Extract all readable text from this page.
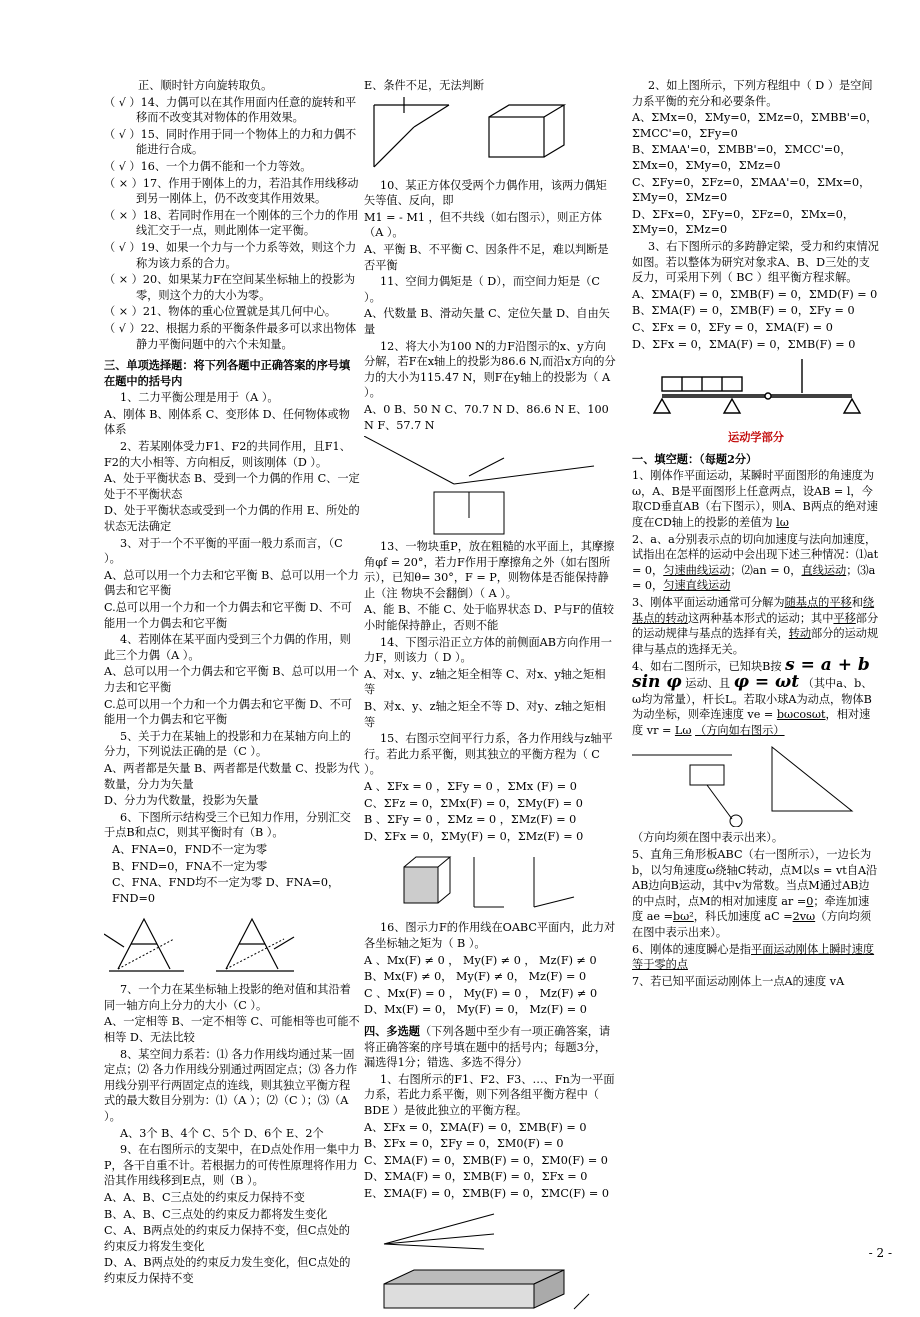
正、顺时针方向旋转取负。
（ √ ）14、力偶可以在其作用面内任意的旋转和平移而不改变其对物体的作用效果。
（ √ ）15、同时作用于同一个物体上的力和力偶不能进行合成。
（ √ ）16、一个力偶不能和一个力等效。
（ × ）17、作用于刚体上的力，若沿其作用线移动到另一刚体上，仍不改变其作用效果。
（ × ）18、若同时作用在一个刚体的三个力的作用线汇交于一点，则此刚体一定平衡。
（ √ ）19、如果一个力与一个力系等效，则这个力称为该力系的合力。
（ × ）20、如果某力F在空间某坐标轴上的投影为零，则这个力的大小为零。
（ × ）21、物体的重心位置就是其几何中心。
（ √ ）22、根据力系的平衡条件最多可以求出物体静力平衡问题中的六个未知量。
三、单项选择题：将下列各题中正确答案的序号填在题中的括号内
1、二力平衡公理是用于（A ）。
A、刚体 B、刚体系 C、变形体 D、任何物体或物体系
2、若某刚体受力F1、F2的共同作用，且F1、F2的大小相等、方向相反，则该刚体（D ）。
A、处于平衡状态 B、受到一个力偶的作用 C、一定处于不平衡状态
D、处于平衡状态或受到一个力偶的作用 E、所处的状态无法确定
3、对于一个不平衡的平面一般力系而言，（C ）。
A、总可以用一个力去和它平衡 B、总可以用一个力偶去和它平衡
C.总可以用一个力和一个力偶去和它平衡 D、不可能用一个力偶去和它平衡
4、若刚体在某平面内受到三个力偶的作用，则此三个力偶（A ）。
A、总可以用一个力偶去和它平衡 B、总可以用一个力去和它平衡
C.总可以用一个力和一个力偶去和它平衡 D、不可能用一个力偶去和它平衡
5、关于力在某轴上的投影和力在某轴方向上的分力，下列说法正确的是（C ）。
A、两者都是矢量 B、两者都是代数量 C、投影为代数量，分力为矢量
D、分力为代数量，投影为矢量
6、下图所示结构受三个已知力作用，分别汇交于点B和点C，则其平衡时有（B ）。
A、FNA=0，FND不一定为零
B、FND=0，FNA不一定为零
C、FNA、FND均不一定为零 D、FNA=0，FND=0
7、一个力在某坐标轴上投影的绝对值和其沿着同一轴方向上分力的大小（C ）。
A、一定相等 B、一定不相等 C、可能相等也可能不相等 D、无法比较
8、某空间力系若：⑴ 各力作用线均通过某一固定点；⑵ 各力作用线分别通过两固定点；⑶ 各力作用线分别平行两固定点的连线，则其独立平衡方程式的最大数目分别为：⑴（A ）；⑵（C ）；⑶（A ）。
A、3个 B、4个 C、5个 D、6个 E、2个
9、在右图所示的支架中，在D点处作用一集中力P，各干自重不计。若根据力的可传性原理将作用力沿其作用线移到E点，则（B ）。
A、A、B、C三点处的约束反力保持不变
B、A、B、C三点处的约束反力都将发生变化
C、A、B两点处的约束反力保持不变，但C点处的约束反力将发生变化
D、A、B两点处的约束反力发生变化，但C点处的约束反力保持不变
E、条件不足，无法判断
10、某正方体仅受两个力偶作用，该两力偶矩矢等值、反向，即
M1 = - M1 ，但不共线（如右图示），则正方体（A ）。
A、平衡 B、不平衡 C、因条件不足，难以判断是否平衡
11、空间力偶矩是（ D），而空间力矩是（C ）。
A、代数量 B、滑动矢量 C、定位矢量 D、自由矢量
12、将大小为100 N的力F沿图示的x、y方向分解，若F在x轴上的投影为86.6 N,而沿x方向的分力的大小为115.47 N，则F在y轴上的投影为（ A ）。
A、0 B、50 N C、70.7 N D、86.6 N E、100 N F、57.7 N
13、一物块重P，放在粗糙的水平面上，其摩擦角φf = 20°，若力F作用于摩擦角之外（如右图所示），已知θ= 30°，F = P，则物体是否能保持静止（注 物块不会翻倒）（ A ）。
A、能 B、不能 C、处于临界状态 D、P与F的值较小时能保持静止，否则不能
14、下图示沿正立方体的前侧面AB方向作用一力F，则该力（ D ）。
A、对x、y、z轴之矩全相等 C、对x、y轴之矩相等
B、对x、y、z轴之矩全不等 D、对y、z轴之矩相等
15、右图示空间平行力系，各力作用线与z轴平行。若此力系平衡，则其独立的平衡方程为（ C ）。
A 、ΣFx = 0 ，ΣFy = 0 ，ΣMx (F) = 0
C、ΣFz = 0，ΣMx(F) = 0，ΣMy(F) = 0
B 、ΣFy = 0 ，ΣMz = 0 ，ΣMz(F) = 0
D、ΣFx = 0，ΣMy(F) = 0，ΣMz(F) = 0
16、图示力F的作用线在OABC平面内，此力对各坐标轴之矩为（ B ）。
A 、Mx(F) ≠ 0 ， My(F) ≠ 0 ， Mz(F) ≠ 0
B、Mx(F) ≠ 0， My(F) ≠ 0， Mz(F) = 0
C 、Mx(F) = 0 ， My(F) = 0 ， Mz(F) ≠ 0
D、Mx(F) = 0， My(F) = 0， Mz(F) = 0
四、多选题（下列各题中至少有一项正确答案，请将正确答案的序号填在题中的括号内；每题3分，漏选得1分；错选、多选不得分）
1、右图所示的F1、F2、F3、…、Fn为一平面力系，若此力系平衡，则下列各组平衡方程中（ BDE ）是彼此独立的平衡方程。
A、ΣFx = 0，ΣMA(F) = 0，ΣMB(F) = 0
B、ΣFx = 0，ΣFy = 0，ΣM0(F) = 0
C、ΣMA(F) = 0，ΣMB(F) = 0，ΣM0(F) = 0
D、ΣMA(F) = 0，ΣMB(F) = 0，ΣFx = 0
E、ΣMA(F) = 0，ΣMB(F) = 0，ΣMC(F) = 0
2、如上图所示，下列方程组中（ D ）是空间力系平衡的充分和必要条件。
A、ΣMx=0，ΣMy=0，ΣMz=0，ΣMBB'=0，ΣMCC'=0，ΣFy=0
B、ΣMAA'=0，ΣMBB'=0，ΣMCC'=0，ΣMx=0，ΣMy=0，ΣMz=0
C、ΣFy=0，ΣFz=0，ΣMAA'=0，ΣMx=0，ΣMy=0，ΣMz=0
D、ΣFx=0，ΣFy=0，ΣFz=0，ΣMx=0，ΣMy=0，ΣMz=0
3、右下图所示的多跨静定梁，受力和约束情况如图。若以整体为研究对象求A、B、D三处的支反力，可采用下列（ BC ）组平衡方程求解。
A、ΣMA(F) = 0，ΣMB(F) = 0，ΣMD(F) = 0
B、ΣMA(F) = 0，ΣMB(F) = 0，ΣFy = 0
C、ΣFx = 0，ΣFy = 0，ΣMA(F) = 0
D、ΣFx = 0，ΣMA(F) = 0，ΣMB(F) = 0
运动学部分
一、填空题：（每题2分）
1、刚体作平面运动，某瞬时平面图形的角速度为ω，A、B是平面图形上任意两点，设AB = l，今取CD垂直AB（右下图示），则A、B两点的绝对速度在CD轴上的投影的差值为 lω
2、a、a分别表示点的切向加速度与法向加速度，试指出在怎样的运动中会出现下述三种情况：⑴at = 0，匀速曲线运动；⑵an = 0，直线运动；⑶a = 0，匀速直线运动
3、刚体平面运动通常可分解为随基点的平移和绕基点的转动这两种基本形式的运动；其中平移部分的运动规律与基点的选择有关，转动部分的运动规律与基点的选择无关。
4、如右二图所示，已知块B按 s = a + b sin φ 运动、且 φ = ωt （其中a、b、ω均为常量），杆长L。若取小球A为动点，物体B为动坐标，则牵连速度 ve = bωcosωt，相对速度 vr = Lω （方向如右图示）
（方向均须在图中表示出来）。
5、直角三角形板ABC（右一图所示），一边长为b，以匀角速度ω绕轴C转动，点M以s = vt自A沿AB边向B运动，其中v为常数。当点M通过AB边的中点时，点M的相对加速度 ar =0；牵连加速度 ae =bω²，科氏加速度 aC =2vω（方向均须在图中表示出来）。
6、刚体的速度瞬心是指平面运动刚体上瞬时速度等于零的点
7、若已知平面运动刚体上一点A的速度 vA
- 2 -
